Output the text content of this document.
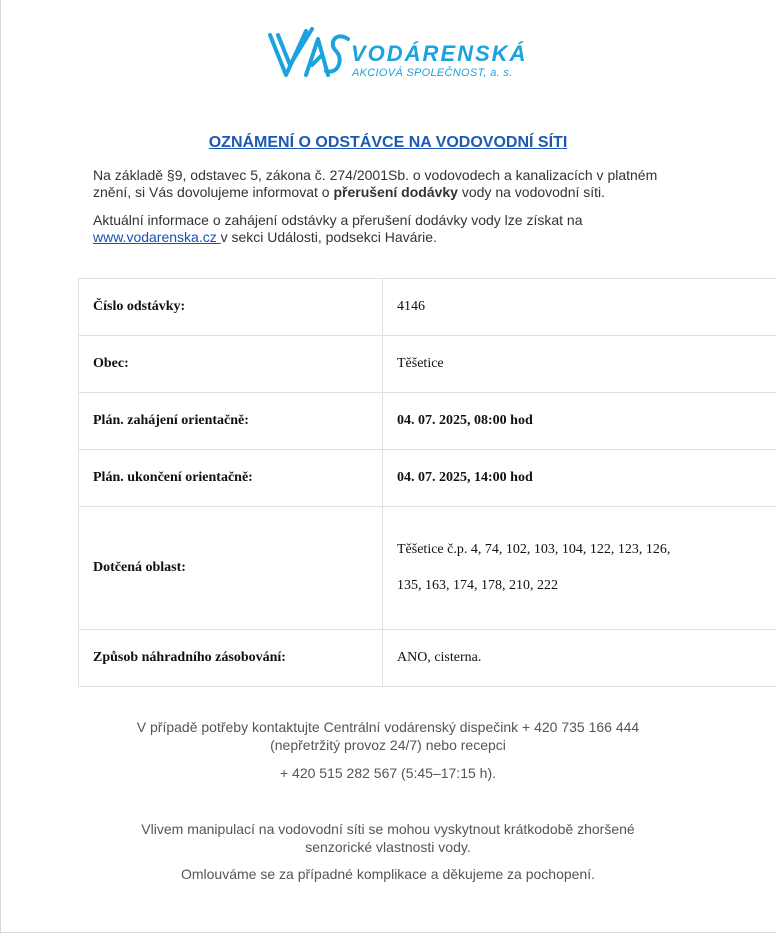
VODÁRENSKÁ
AKCIOVÁ SPOLEČNOST, a. s.
OZNÁMENÍ O ODSTÁVCE NA VODOVODNÍ SÍTI

Na základě §9, odstavec 5, zákona č. 274/2001Sb. o vodovodech a kanalizacích v platném znění, si Vás dovolujeme informovat o přerušení dodávky vody na vodovodní síti.

Aktuální informace o zahájení odstávky a přerušení dodávky vody lze získat na www.vodarenska.cz v sekci Události, podsekci Havárie.

Číslo odstávky:	4146
Obec:	Těšetice
Plán. zahájení orientačně:	04. 07. 2025, 08:00 hod
Plán. ukončení orientačně:	04. 07. 2025, 14:00 hod
Dotčená oblast:	Těšetice č.p. 4, 74, 102, 103, 104, 122, 123, 126,
135, 163, 174, 178, 210, 222

Způsob náhradního zásobování:	ANO, cisterna.

V případě potřeby kontaktujte Centrální vodárenský dispečink + 420 735 166 444

(nepřetržitý provoz 24/7) nebo recepci

+ 420 515 282 567 (5:45–17:15 h).

Vlivem manipulací na vodovodní síti se mohou vyskytnout krátkodobě zhoršené

senzorické vlastnosti vody.

Omlouváme se za případné komplikace a děkujeme za pochopení.
